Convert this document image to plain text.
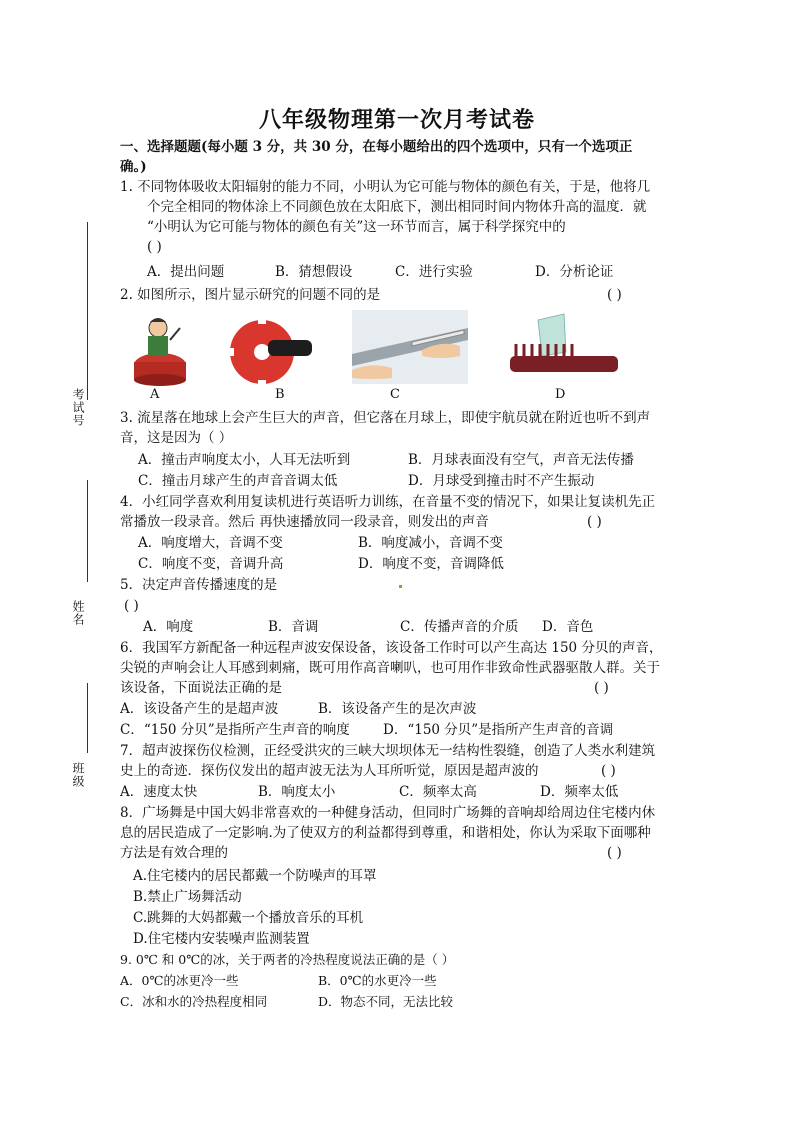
八年级物理第一次月考试卷
一、选择题题(每小题 3 分，共 30 分，在每小题给出的四个选项中，只有一个选项正
确。)
考试号
姓名
班级
1. 不同物体吸收太阳辐射的能力不同，小明认为它可能与物体的颜色有关，于是，他将几
个完全相同的物体涂上不同颜色放在太阳底下，测出相同时间内物体升高的温度．就
“小明认为它可能与物体的颜色有关”这一环节而言，属于科学探究中的
( )
A．提出问题	B．猜想假设	C．进行实验	D．分析论证
2. 如图所示，图片显示研究的问题不同的是	( )
A	B	C	D
3. 流星落在地球上会产生巨大的声音，但它落在月球上，即使宇航员就在附近也听不到声
音，这是因为（ ）
A．撞击声响度太小，人耳无法听到	B．月球表面没有空气，声音无法传播
C．撞击月球产生的声音音调太低	D．月球受到撞击时不产生振动
4．小红同学喜欢利用复读机进行英语听力训练，在音量不变的情况下，如果让复读机先正
常播放一段录音。然后 再快速播放同一段录音，则发出的声音	( )
A．响度增大，音调不变	B．响度减小，音调不变
C．响度不变，音调升高	D．响度不变，音调降低
5．决定声音传播速度的是
( )
A．响度	B．音调	C．传播声音的介质 D．音色
6．我国军方新配备一种远程声波安保设备，该设备工作时可以产生高达 150 分贝的声音，
尖锐的声响会让人耳感到刺痛，既可用作高音喇叭，也可用作非致命性武器驱散人群。关于
该设备，下面说法正确的是	( )
A．该设备产生的是超声波	B．该设备产生的是次声波
C．“150 分贝”是指所产生声音的响度 D．“150 分贝”是指所产生声音的音调
7．超声波探伤仪检测，正经受洪灾的三峡大坝坝体无一结构性裂缝，创造了人类水利建筑
史上的奇迹．探伤仪发出的超声波无法为人耳所听觉，原因是超声波的	( )
A．速度太快	B．响度太小	C．频率太高	D．频率太低
8．广场舞是中国大妈非常喜欢的一种健身活动，但同时广场舞的音响却给周边住宅楼内休
息的居民造成了一定影响.为了使双方的利益都得到尊重，和谐相处，你认为采取下面哪种
方法是有效合理的	( )
A.住宅楼内的居民都戴一个防噪声的耳罩
B.禁止广场舞活动
C.跳舞的大妈都戴一个播放音乐的耳机
D.住宅楼内安装噪声监测装置
9. 0℃ 和 0℃的冰，关于两者的冷热程度说法正确的是（ ）
A．0℃的冰更冷一些	B．0℃的水更冷一些
C．冰和水的冷热程度相同	D．物态不同，无法比较
